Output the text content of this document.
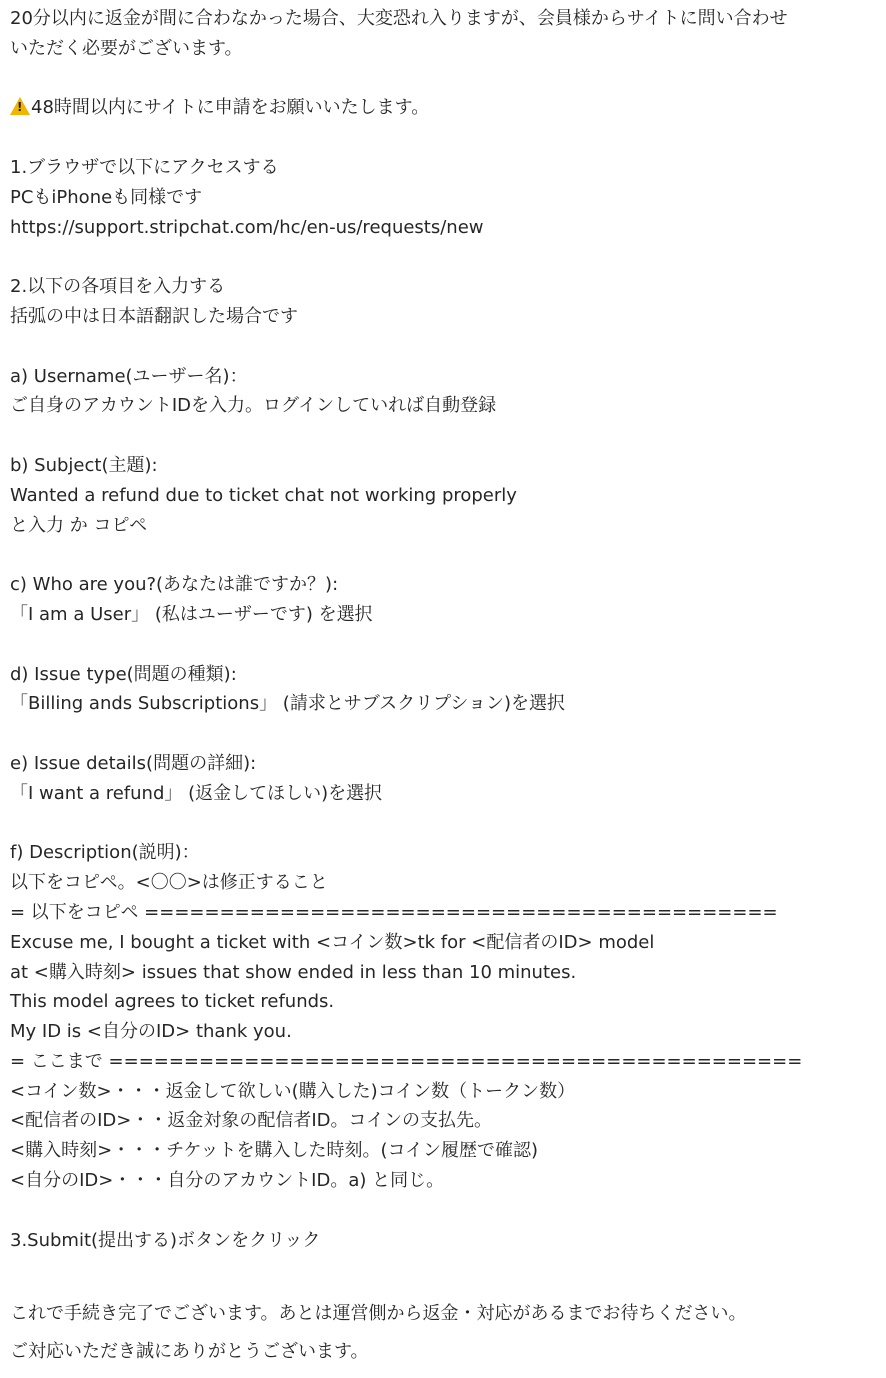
20分以内に返金が間に合わなかった場合、大変恐れ入りますが、会員様からサイトに問い合わせ
いただく必要がございます。
!48時間以内にサイトに申請をお願いいたします。
1.ブラウザで以下にアクセスする
PCもiPhoneも同様です
https://support.stripchat.com/hc/en-us/requests/new
2.以下の各項目を入力する
括弧の中は日本語翻訳した場合です
a) Username(ユーザー名)：
ご自身のアカウントIDを入力。ログインしていれば自動登録
b) Subject(主題):
Wanted a refund due to ticket chat not working properly
と入力 か コピペ
c) Who are you?(あなたは誰ですか？):
「I am a User」 (私はユーザーです) を選択
d) Issue type(問題の種類):
「Billing ands Subscriptions」 (請求とサブスクリプション)を選択
e) Issue details(問題の詳細):
「I want a refund」 (返金してほしい)を選択
f) Description(説明)：
以下をコピペ。<〇〇>は修正すること
= 以下をコピペ ==========================================
Excuse me, I bought a ticket with <コイン数>tk for <配信者のID> model
at <購入時刻> issues that show ended in less than 10 minutes.
This model agrees to ticket refunds.
My ID is <自分のID> thank you.
= ここまで ==============================================
<コイン数>・・・返金して欲しい(購入した)コイン数（トークン数）
<配信者のID>・・返金対象の配信者ID。コインの支払先。
<購入時刻>・・・チケットを購入した時刻。(コイン履歴で確認)
<自分のID>・・・自分のアカウントID。a) と同じ。
3.Submit(提出する)ボタンをクリック
これで手続き完了でございます。あとは運営側から返金・対応があるまでお待ちください。
ご対応いただき誠にありがとうございます。
